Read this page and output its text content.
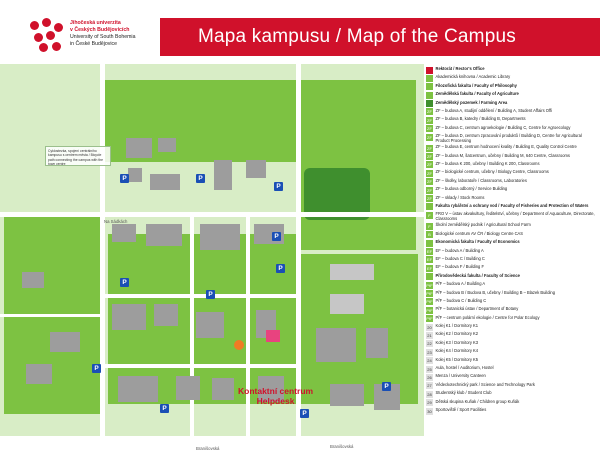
Jihočeská univerzita
v Českých Budějovicích
University of South Bohemia
in České Budějovice	Mapa kampusu / Map of the Campus
Cyklostezka, spojení centrálního kampusu s centrem města / Bicycle path connecting the campus with the town centre
P	P
P
P
P
P
P
P
P
P
P
Na Sádkách
Branišovská	Branišovská
Kontaktní centrum
Helpdesk
Rektorát / Rector's Office
Akademická knihovna / Academic Library
Filozofická fakulta / Faculty of Philosophy
Zemědělská fakulta / Faculty of Agriculture
Zemědělský pozemek / Farming Area
ZF ZF – budova A, studijní oddělení / Building A, Student Affairs Offi
ZF ZF – budova B, katedry / Building B, Departments
ZF ZF – budova C, centrum agroekologie / Building C, Centre for Agroecology
ZF ZF – budova D, centrum zpracování produktů / Building D, Centre for Agricultural Product Processing
ZF ZF – budova E, centrum hodnocení kvality / Building E, Quality Control Centre
ZF ZF – budova M, šatcentrum, učebny / Building M, 640 Centre, Classrooms
ZF ZF – budova K 200, učebny / Building K 200, Classrooms
ZF ZF – biologické centrum, učebny / Biology Centre, Classrooms
ZF ZF – školky, laboratoře / Classrooms, Laboratories
ZF ZF – budova odborný / Service Building
ZF ZF – sklady / Stock Rooms
Fakulta rybářství a ochrany vod / Faculty of Fisheries and Protection of Waters
F	FRO V – ústav akvakultury, ředitelství, učebny / Department of Aquaculture, Directorate, Classrooms
F	Školní zemědělský podnik / Agricultural School Farm
B	Biologické centrum AV ČR / Biology Centre CAS
Ekonomická fakulta / Faculty of Economics
EF EF – budova A / Building A
EF EF – budova C / Building C
EF EF – budova F / Building F
Přírodovědecká fakulta / Faculty of Science
PřF PřF – budova A / Building A
PřF PřF – budova B / Budova B, učebny / Building B – Blazek Building
PřF PřF – budova C / Building C
PřF PřF – botanická ústav / Department of Botany
PřF PřF – centrum polární ekologie / Centre for Polar Ecology
20 Kolej K1 / Dormitory K1
21 Kolej K2 / Dormitory K2
22 Kolej K3 / Dormitory K3
23 Kolej K4 / Dormitory K4
24 Kolej K5 / Dormitory K5
25 Aula, hostel / Auditorium, Hostel
26 Menza / University Canteen
27 Vědeckotechnický park / Science and Technology Park
28 Studentský klub / Student Club
29 Dětská skupina Kuňak / Children group Kuňák
30 Sportoviště / Sport Facilities
